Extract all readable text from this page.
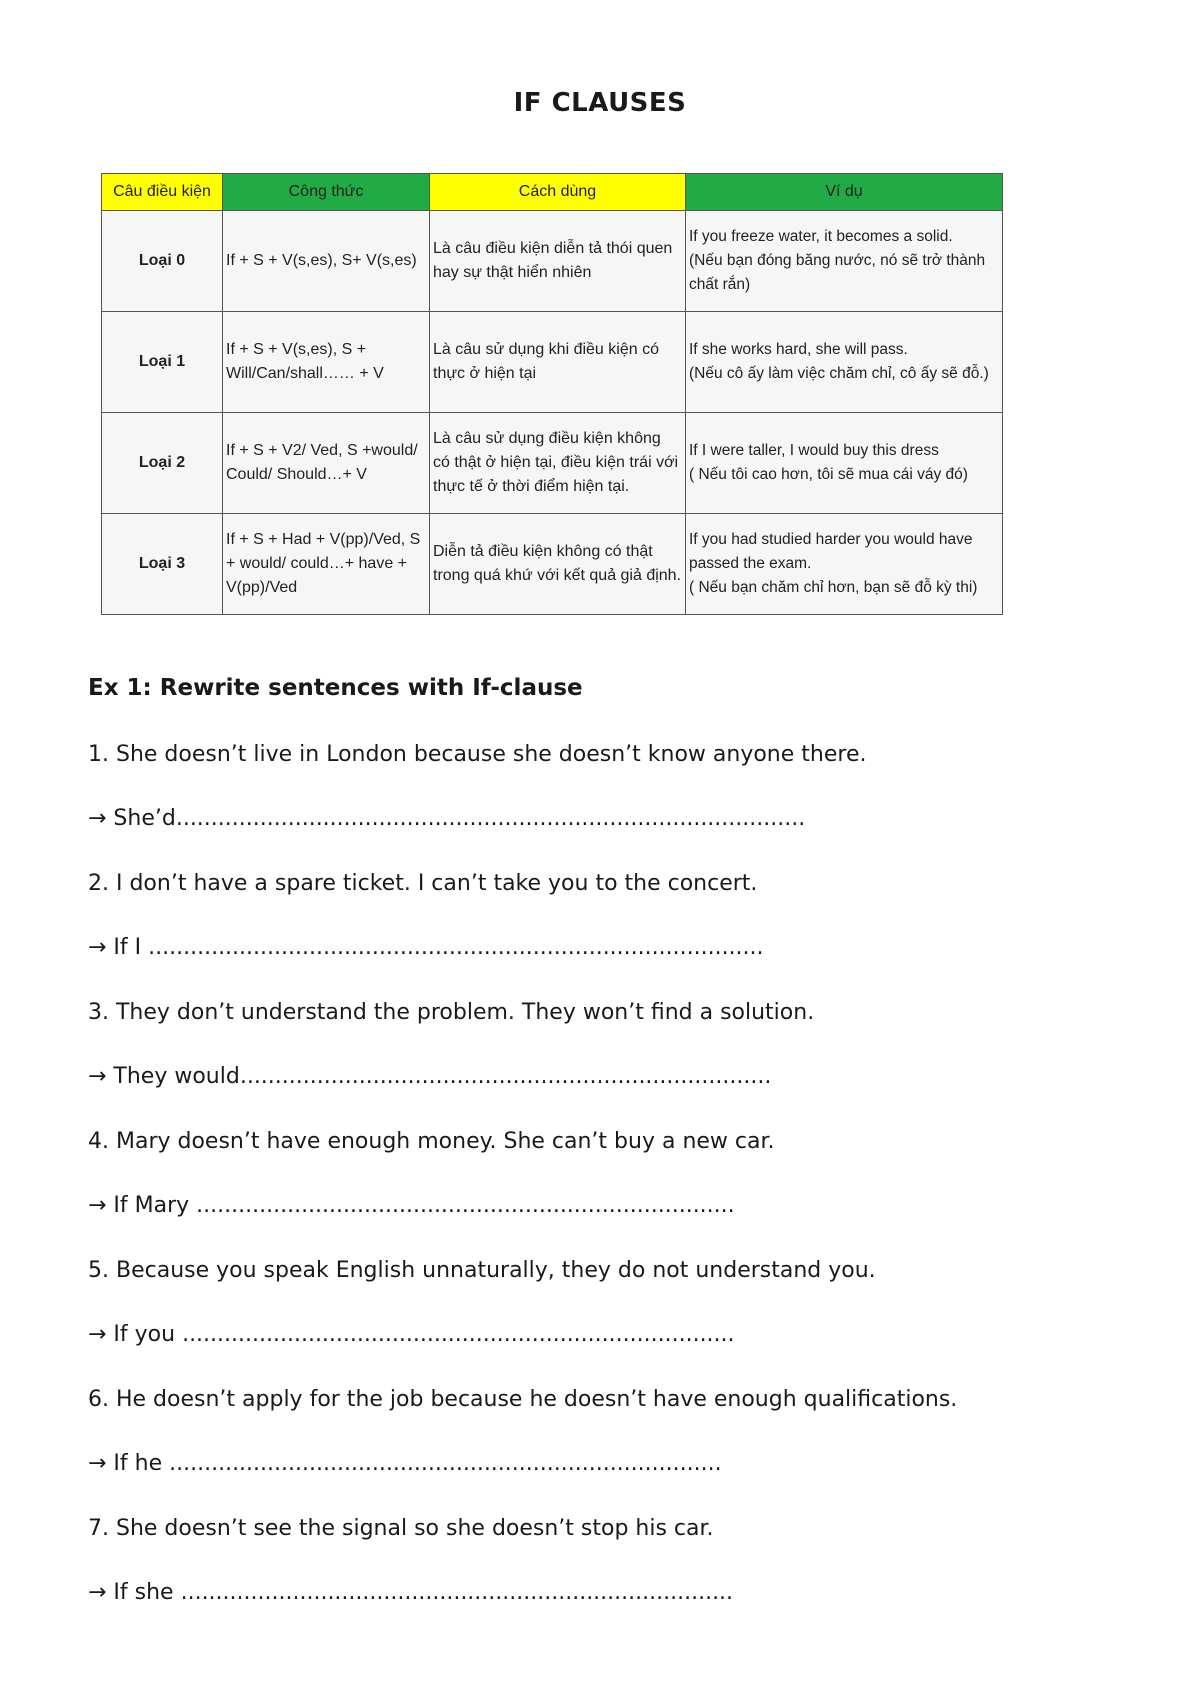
IF CLAUSES
Câu điều kiện	Công thức	Cách dùng	Ví dụ
Loại 0	If + S + V(s,es), S+ V(s,es)	Là câu điều kiện diễn tả thói quen hay sự thật hiển nhiên	If you freeze water, it becomes a solid.
(Nếu bạn đóng băng nước, nó sẽ trở thành chất rắn)

Loại 1	If + S + V(s,es), S + Will/Can/shall…… + V	Là câu sử dụng khi điều kiện có thực ở hiện tại	If she works hard, she will pass.
(Nếu cô ấy làm việc chăm chỉ, cô ấy sẽ đỗ.)

Loại 2	If + S + V2/ Ved, S +would/ Could/ Should…+ V	Là câu sử dụng điều kiện không có thật ở hiện tại, điều kiện trái với thực tế ở thời điểm hiện tại.	If I were taller, I would buy this dress
( Nếu tôi cao hơn, tôi sẽ mua cái váy đó)

Loại 3	If + S + Had + V(pp)/Ved, S + would/ could…+ have + V(pp)/Ved	Diễn tả điều kiện không có thật trong quá khứ với kết quả giả định.	If you had studied harder you would have passed the exam.
( Nếu bạn chăm chỉ hơn, bạn sẽ đỗ kỳ thi)
Ex 1: Rewrite sentences with If-clause
1. She doesn’t live in London because she doesn’t know anyone there.
→ She’d..........................................................................................
2. I don’t have a spare ticket. I can’t take you to the concert.
→ If I ........................................................................................
3. They don’t understand the problem. They won’t find a solution.
→ They would............................................................................
4. Mary doesn’t have enough money. She can’t buy a new car.
→ If Mary .............................................................................
5. Because you speak English unnaturally, they do not understand you.
→ If you ...............................................................................
6. He doesn’t apply for the job because he doesn’t have enough qualifications.
→ If he ...............................................................................
7. She doesn’t see the signal so she doesn’t stop his car.
→ If she ...............................................................................
